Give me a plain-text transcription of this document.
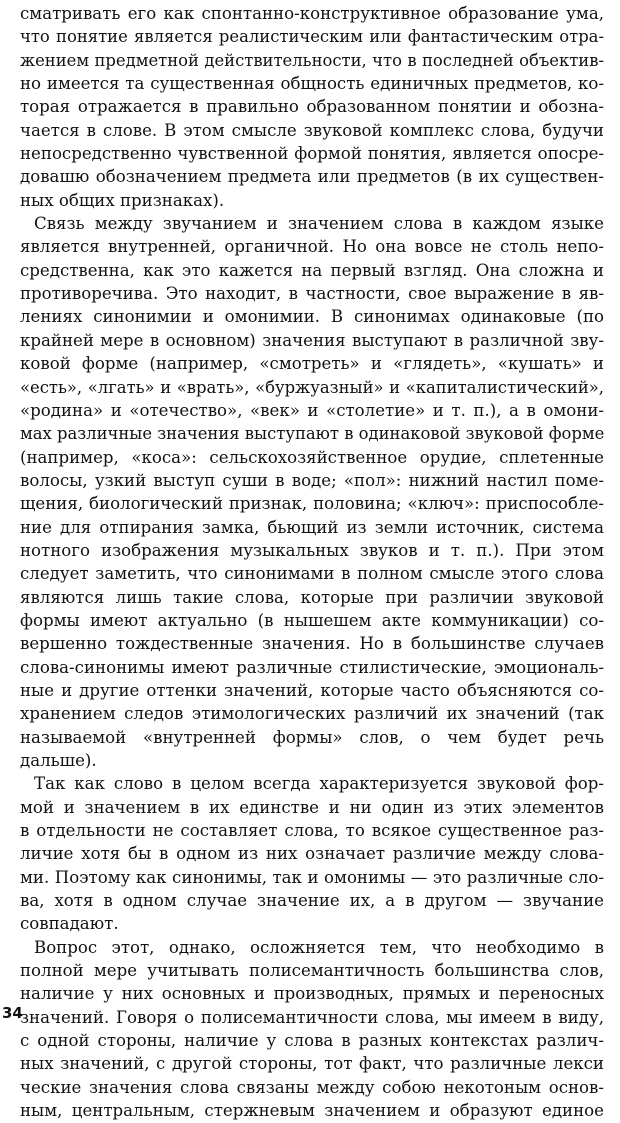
сматривать его как спонтанно-конструктивное образование ума,
что понятие является реалистическим или фантастическим отра-
жением предметной действительности, что в последней объектив-
но имеется та существенная общность единичных предметов, ко-
торая отражается в правильно образованном понятии и обозна-
чается в слове. В этом смысле звуковой комплекс слова, будучи
непосредственно чувственной формой понятия, является опосре-
довашю обозначением предмета или предметов (в их существен-
ных общих признаках).

Связь между звучанием и значением слова в каждом языке
является внутренней, органичной. Но она вовсе не столь непо-
средственна, как это кажется на первый взгляд. Она сложна и
противоречива. Это находит, в частности, свое выражение в яв-
лениях синонимии и омонимии. В синонимах одинаковые (по
крайней мере в основном) значения выступают в различной зву-
ковой форме (например, «смотреть» и «глядеть», «кушать» и
«есть», «лгать» и «врать», «буржуазный» и «капиталистический»,
«родина» и «отечество», «век» и «столетие» и т. п.), а в омони-
мах различные значения выступают в одинаковой звуковой форме
(например, «коса»: сельскохозяйственное орудие, сплетенные
волосы, узкий выступ суши в воде; «пол»: нижний настил поме-
щения, биологический признак, половина; «ключ»: приспособле-
ние для отпирания замка, бьющий из земли источник, система
нотного изображения музыкальных звуков и т. п.). При этом
следует заметить, что синонимами в полном смысле этого слова
являются лишь такие слова, которые при различии звуковой
формы имеют актуально (в нышешем акте коммуникации) со-
вершенно тождественные значения. Но в большинстве случаев
слова-синонимы имеют различные стилистические, эмоциональ-
ные и другие оттенки значений, которые часто объясняются со-
хранением следов этимологических различий их значений (так
называемой «внутренней формы» слов, о чем будет речь
дальше).

Так как слово в целом всегда характеризуется звуковой фор-
мой и значением в их единстве и ни один из этих элементов
в отдельности не составляет слова, то всякое существенное раз-
личие хотя бы в одном из них означает различие между слова-
ми. Поэтому как синонимы, так и омонимы — это различные сло-
ва, хотя в одном случае значение их, а в другом — звучание
совпадают.

Вопрос этот, однако, осложняется тем, что необходимо в
полной мере учитывать полисемантичность большинства слов,
наличие у них основных и производных, прямых и переносных
значений. Говоря о полисемантичности слова, мы имеем в виду,
с одной стороны, наличие у слова в разных контекстах различ-
ных значений, с другой стороны, тот факт, что различные лекси
ческие значения слова связаны между собою некотоным основ-
ным, центральным, стержневым значением и образуют единое

34
